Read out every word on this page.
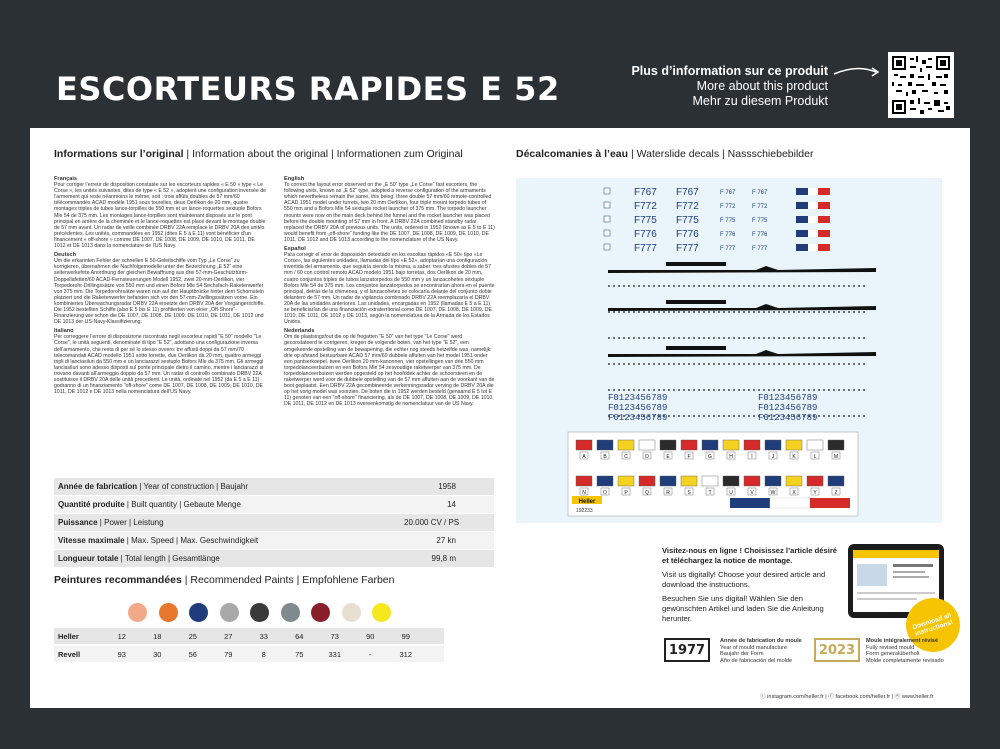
ESCORTEURS RAPIDES E 52	Plus d’information sur ce produit
More about this product
Mehr zu diesem Produkt
Informations sur l’original | Information about the original | Informationen zum Original
Français
Pour corriger l’erreur de disposition constatée sur les escorteurs rapides « E 50 » type « Le Corse », les unités suivantes, dites de type « E 52 », adoptent une configuration inversée de l’armement qui reste néanmoins le même, soit : trois affûts doubles de 57 mm/60 télécommandés ACAD modèle 1951 sous tourelles, deux Oerlikon de 20 mm, quatre montages triples de tubes lance-torpilles de 550 mm et un lance-roquettes sextuple Bofors Mle 54 de 375 mm. Les montages lance-torpilles sont maintenant disposés sur le pont principal en arrière de la cheminée et le lance-roquettes est placé devant le montage double de 57 mm avant. Un radar de veille combinée DRBV 22A remplace le DRBV 20A des unités précédentes. Les unités, commandées en 1952 (dites E 5 à E 11) vont bénéficier d’un financement « off-shore » comme DE 1007, DE 1008, DE 1009, DE 1010, DE 1011, DE 1012 et DE 1013 dans la nomenclature de l’US Navy.
Deutsch
Um die erkannten Fehler der schnellen E 50-Geleitschiffe vom Typ „Le Corse“ zu korrigieren, übernahmen die Nachfolgemodelle unter der Bezeichnung „E 52“ eine seitenverkehrte Anordnung der gleichen Bewaffnung aus drei 57-mm-Geschütztürm-Doppellafetten/60 ACAD-Fernsteuerungen Modell 1952, zwei 20-mm-Oerlikon, vier Torpedorohr-Drillingssätze von 550 mm und einen Bofors Mle 54 Sechsfach-Raketenwerfer von 375 mm. Die Torpedorohrsätze waren nun auf der Hauptbrücke hinter dem Schornstein platziert und die Raketenwerfer befanden sich vor den 57-mm-Zwillingssätzen vorne. Ein kombiniertes Überwachungsradar DRBV 22A ersetzte den DRBV 20A der Vorgängerschiffe. Die 1952 bestellten Schiffe (also E 5 bis E 11) profitierten von einer „Off-Shore“-Finanzierung wie schon die DE 1007, DE 1008, DE 1009, DE 1010, DE 1011, DE 1012 und DE 1013 der US-Navy-Klassifizierung.
Italiano
Per correggere l’errore di disposizione riscontrato negli escorteur rapidi "E 50" modello "Le Corse", le unità seguenti, denominate di tipo "E 52", adottano una configurazione inversa dell’armamento, che resta di per sé lo stesso ovvero: tre affusti doppi da 57 mm/70 telecomandati ACAD modello 1951 sotto torrette, due Oerlikon da 20 mm, quattro armeggi tripli di lanciasiluri da 550 mm e un lanciarazzi sestuplo Bofors Mle da 375 mm. Gli armeggi lanciasiluri sono adesso disposti sul ponte principale dietro il camino, mentre i lanciarazzi si trovano davanti all’armeggio doppio da 57 mm. Un radar di controllo combinato DRBV 22A sostituisce il DRBV 20A delle unità precedenti. Le unità, ordinate nel 1952 (da E 5 a E 11) godranno di un finanziamento "off-shore" come DE 1007, DE 1008, DE 1009, DE 1010, DE 1011, DE 1012 e DE 1013 nella nomenclatura dell’US Navy.
English
To correct the layout error observed on the „E 50“ type „Le Corse“ fast escorters, the following units, known as „E 52“ type, adopted a reverse configuration of the armaments which nevertheless remain the same, this being: three double 57 mm/60 remote-controlled ACAD 1951 model under turrets, two 20 mm Oerlikon, four triple mount torpedo tubes of 550 mm and a Bofors Mle 54 sextuple rocket launcher of 375 mm. The torpedo launcher mounts were now on the main deck behind the funnel and the rocket launcher was placed before the double mounting of 57 mm in front. A DRBV 22A combined standby radar replaced the DRBV 20A of previous units. The units, ordered in 1952 (known as E 5 to E 11) would benefit from „off-shore“ funding like the DE 1007, DE 1008, DE 1009, DE 1010, DE 1011, DE 1012 and DE 1013 according to the nomenclature of the US Navy.
Español
Para corregir el error de disposición detectado en los escoltas rápidos «E 50» tipo «Le Corse», las siguientes unidades, llamadas del tipo «E 52», adoptarían una configuración invertida del armamento, que seguiría siendo la misma, a saber: tres afustes dobles de 57 mm / 60 con control remoto ACAD modelo 1951 bajo torretas, dos Oerlikon de 20 mm, cuatro conjuntos triples de tubos lanzatorpedos de 550 mm y un lanzacohetes séxtuple Bofors Mle 54 de 375 mm. Los conjuntos lanzatorpedos se encontrarían ahora en el puente principal, detrás de la chimenea, y el lanzacohetes se colocaría delante del conjunto doble delantero de 57 mm. Un radar de vigilancia combinado DRBV 22A reemplazaría el DRBV 20A de las unidades anteriores. Las unidades, encargadas en 1952 (llamadas E 5 a E 11) se beneficiarían de una financiación extraterritorial como DE 1007, DE 1008, DE 1009, DE 1010, DE 1011, DE 1012 y DE 1013, según la nomenclatura de la Armada de los Estados Unidos.
Nederlands
Om de plaatsingsfout die op de fregatten "E 50" van het type "Le Corse" werd geconstateerd te corrigeren, kregen de volgende boten, van het type "E 52", een omgekeerde opstelling van de bewapening, die echter nog steeds hetzelfde was, namelijk: drie op afstand bestuurbare ACAD 57 mm/60 dubbele affuiten van het model 1951 onder een pantserkoepel, twee Oerlikon 20 mm-kanonnen, vier opstellingen van drie 550 mm torpedolanceerbuizen en een Bofors Mle 54 zesvoudige raketwerper van 375 mm. De torpedolanceerbuizen werden opgesteld op het hoofddek achter de schoorsteen en de raketwerper werd voor de dubbele opstelling van de 57 mm affuiten aan de voorkant van de boot geplaatst. Een DRBV 22A gecombineerde verkenningsradar verving de DRBV 20A die op het vorig model was voorzien. De boten die in 1952 werden besteld (genaamd E 5 tot E 11) genoten van een "off-shore" financiering, als de DE 1007, DE 1008, DE 1009, DE 1010, DE 1011, DE 1012 en DE 1013 overeenkomstig de nomenclatuur van de US Navy.
Année de fabrication | Year of construction | Baujahr	1958
Quantité produite | Built quantity | Gebaute Menge	14
Puissance | Power | Leistung	20.000 CV / PS
Vitesse maximale | Max. Speed | Max. Geschwindigkeit	27 kn
Longueur totale | Total length | Gesamtlänge	99,8 m
Peintures recommandées | Recommended Paints | Empfohlene Farben
Heller	12	18	25	27	33	64	73	90	99
Revell	93	30	56	79	8	75	331	-	312
Décalcomanies à l’eau | Waterslide decals | Nassschiebebilder
F767 F767	F 767	F 767
F772 F772	F 772	F 772
F775 F775	F 775	F 775
F776 F776	F 776	F 776
F777 F777	F 777	F 777
F0123456789	F0123456789
F0123456789	F0123456789
F0123456789	F0123456789
A	B	C	D	E	F	G	H	I	J	K	L	M
N	O	P	Q	R	S	T	U	V	W	X	Y	Z
Heller
192233

Visitez-nous en ligne ! Choisissez l’article désiré et téléchargez la notice de montage.

Visit us digitally! Choose your desired article and download the instructions.

Besuchen Sie uns digital! Wählen Sie den gewünschten Artikel und laden Sie die Anleitung herunter.	Download all instructions!
1977
Année de fabrication du moule
Year of mould manufacture
Baujahr der Form
Año de fabricación del molde
2023
Moule intégralement révisé
Fully revised mould
Form generalüberholt
Molde completamente revisado
ⓘ instagram.com/heller.fr | ⓕ facebook.com/heller.fr | ⓦ www.heller.fr
